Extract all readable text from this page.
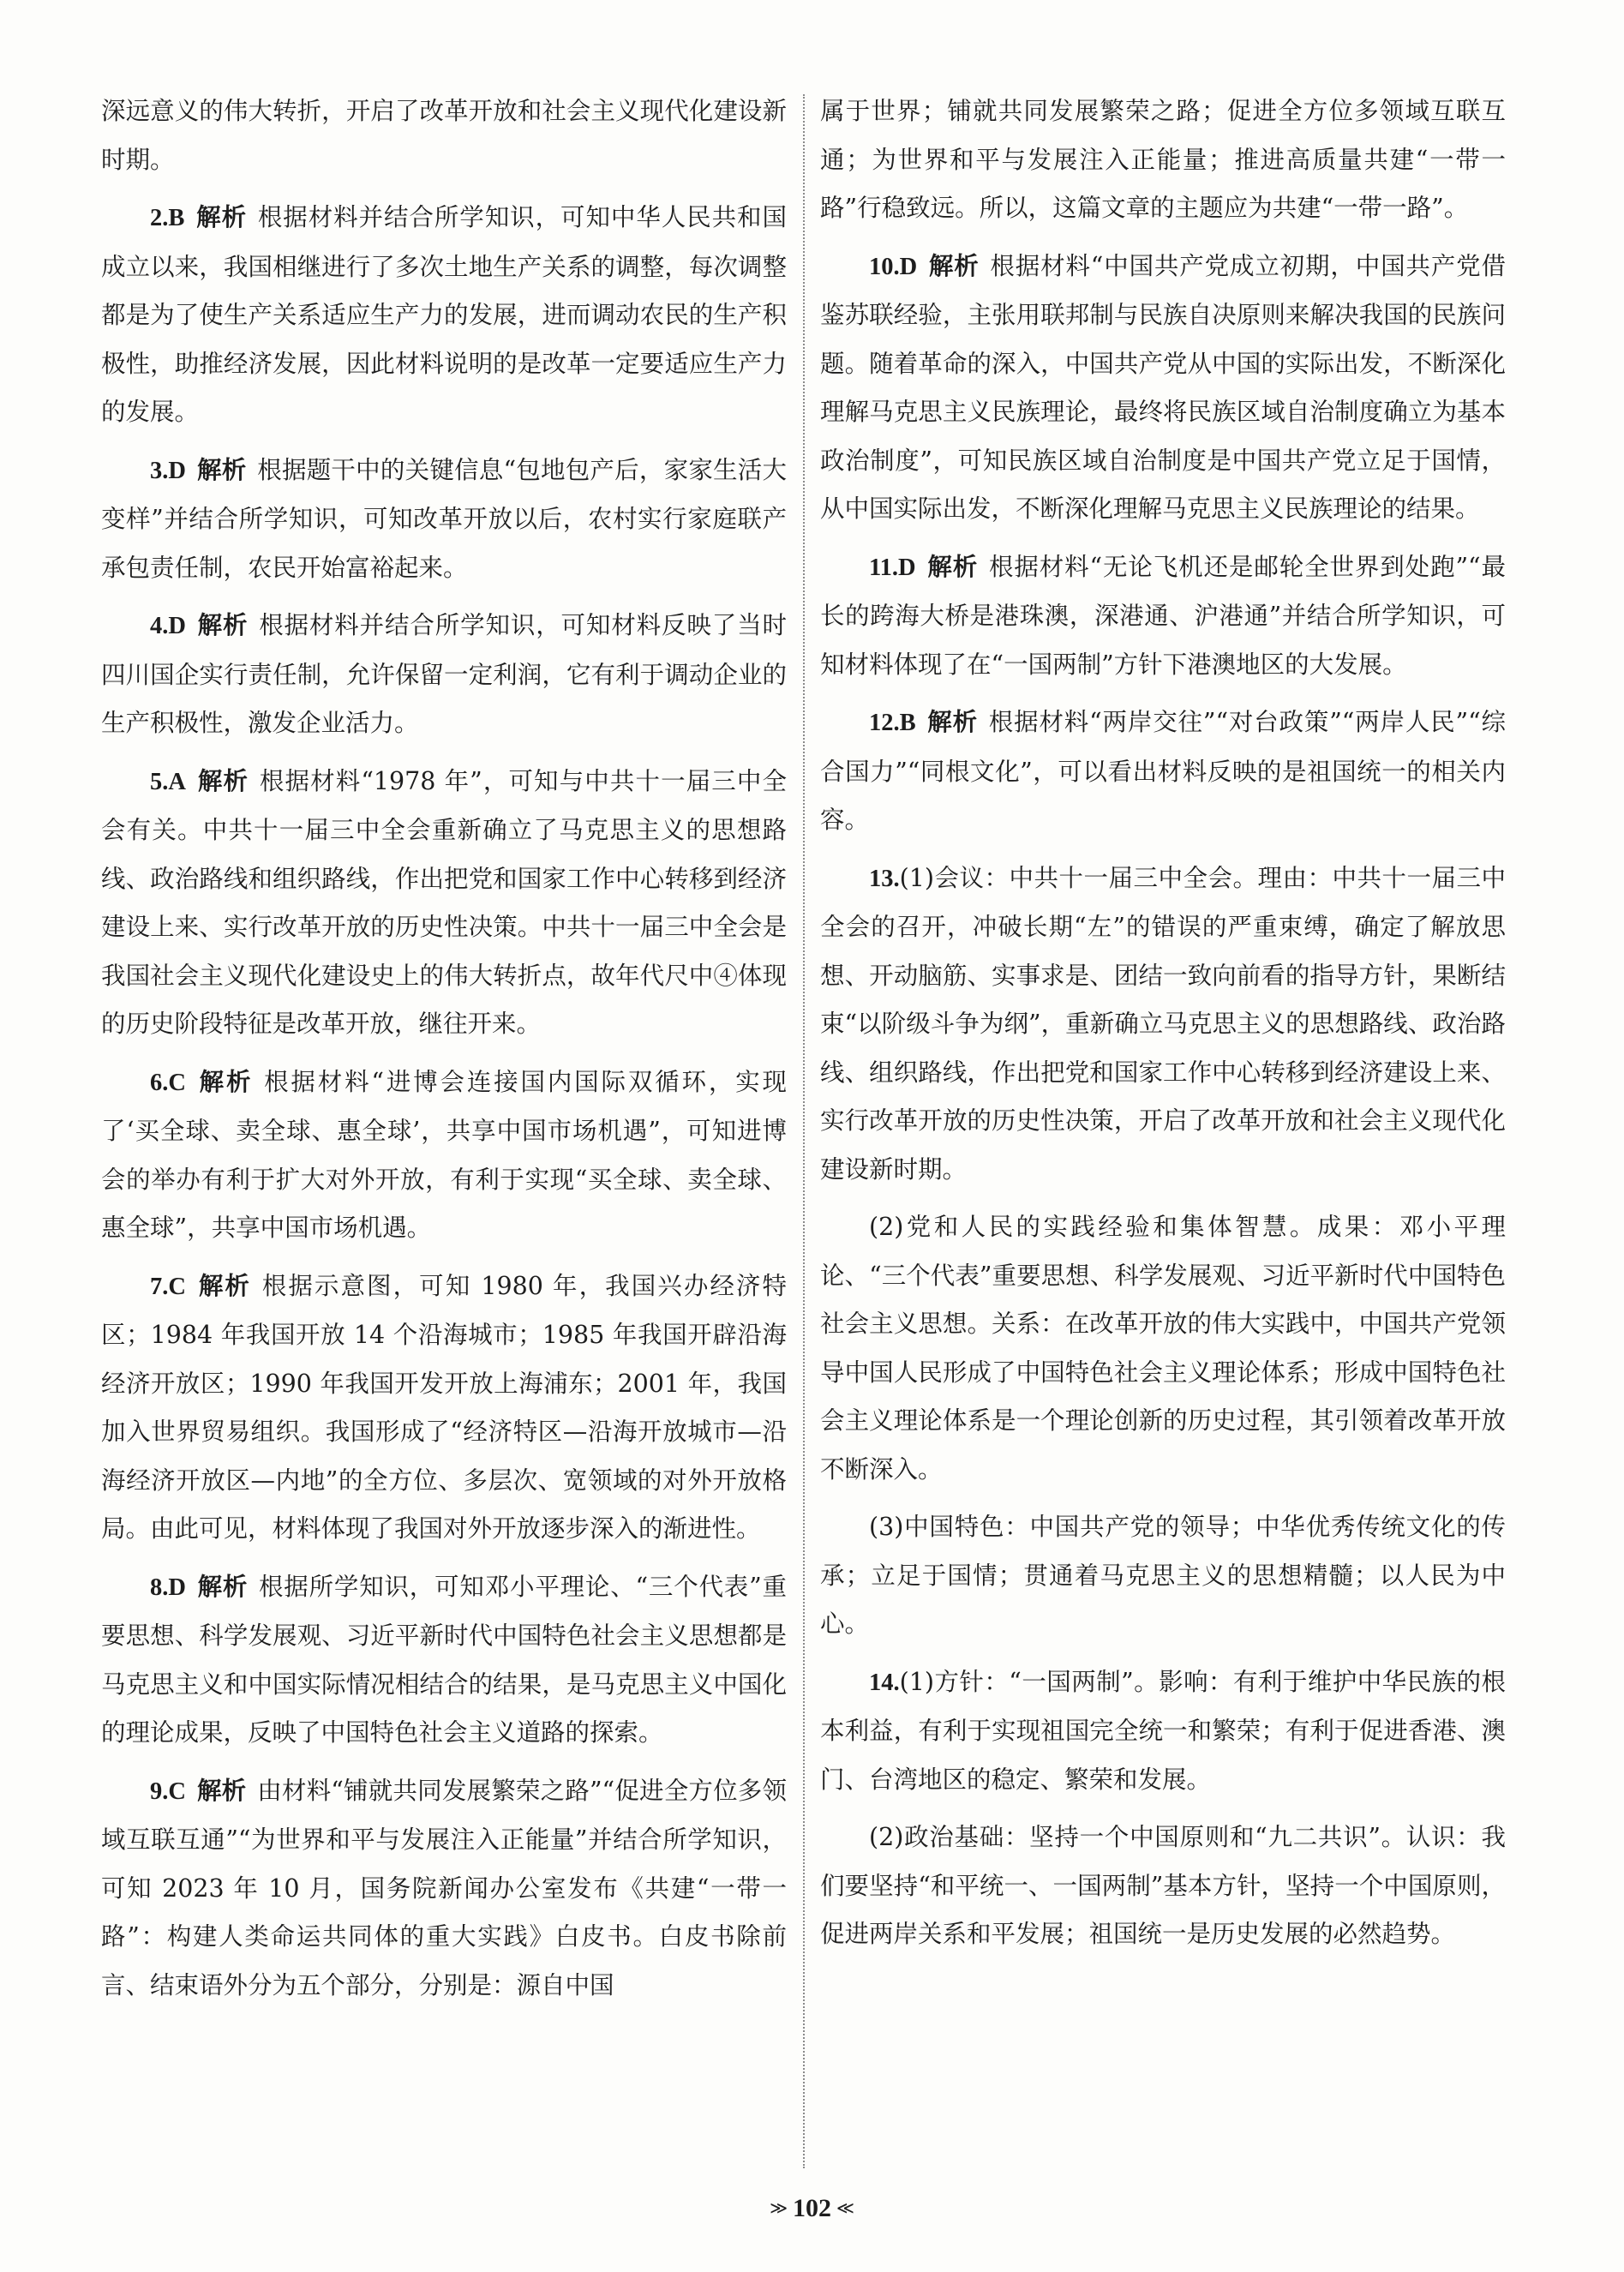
深远意义的伟大转折，开启了改革开放和社会主义现代化建设新时期。

2.B 解析 根据材料并结合所学知识，可知中华人民共和国成立以来，我国相继进行了多次土地生产关系的调整，每次调整都是为了使生产关系适应生产力的发展，进而调动农民的生产积极性，助推经济发展，因此材料说明的是改革一定要适应生产力的发展。

3.D 解析 根据题干中的关键信息“包地包产后，家家生活大变样”并结合所学知识，可知改革开放以后，农村实行家庭联产承包责任制，农民开始富裕起来。

4.D 解析 根据材料并结合所学知识，可知材料反映了当时四川国企实行责任制，允许保留一定利润，它有利于调动企业的生产积极性，激发企业活力。

5.A 解析 根据材料“1978 年”，可知与中共十一届三中全会有关。中共十一届三中全会重新确立了马克思主义的思想路线、政治路线和组织路线，作出把党和国家工作中心转移到经济建设上来、实行改革开放的历史性决策。中共十一届三中全会是我国社会主义现代化建设史上的伟大转折点，故年代尺中④体现的历史阶段特征是改革开放，继往开来。

6.C 解析 根据材料“进博会连接国内国际双循环，实现了‘买全球、卖全球、惠全球’，共享中国市场机遇”，可知进博会的举办有利于扩大对外开放，有利于实现“买全球、卖全球、惠全球”，共享中国市场机遇。

7.C 解析 根据示意图，可知 1980 年，我国兴办经济特区；1984 年我国开放 14 个沿海城市；1985 年我国开辟沿海经济开放区；1990 年我国开发开放上海浦东；2001 年，我国加入世界贸易组织。我国形成了“经济特区—沿海开放城市—沿海经济开放区—内地”的全方位、多层次、宽领域的对外开放格局。由此可见，材料体现了我国对外开放逐步深入的渐进性。

8.D 解析 根据所学知识，可知邓小平理论、“三个代表”重要思想、科学发展观、习近平新时代中国特色社会主义思想都是马克思主义和中国实际情况相结合的结果，是马克思主义中国化的理论成果，反映了中国特色社会主义道路的探索。

9.C 解析 由材料“铺就共同发展繁荣之路”“促进全方位多领域互联互通”“为世界和平与发展注入正能量”并结合所学知识，可知 2023 年 10 月，国务院新闻办公室发布《共建“一带一路”：构建人类命运共同体的重大实践》白皮书。白皮书除前言、结束语外分为五个部分，分别是：源自中国

属于世界；铺就共同发展繁荣之路；促进全方位多领域互联互通；为世界和平与发展注入正能量；推进高质量共建“一带一路”行稳致远。所以，这篇文章的主题应为共建“一带一路”。

10.D 解析 根据材料“中国共产党成立初期，中国共产党借鉴苏联经验，主张用联邦制与民族自决原则来解决我国的民族问题。随着革命的深入，中国共产党从中国的实际出发，不断深化理解马克思主义民族理论，最终将民族区域自治制度确立为基本政治制度”，可知民族区域自治制度是中国共产党立足于国情，从中国实际出发，不断深化理解马克思主义民族理论的结果。

11.D 解析 根据材料“无论飞机还是邮轮全世界到处跑”“最长的跨海大桥是港珠澳，深港通、沪港通”并结合所学知识，可知材料体现了在“一国两制”方针下港澳地区的大发展。

12.B 解析 根据材料“两岸交往”“对台政策”“两岸人民”“综合国力”“同根文化”，可以看出材料反映的是祖国统一的相关内容。

13.(1)会议：中共十一届三中全会。理由：中共十一届三中全会的召开，冲破长期“左”的错误的严重束缚，确定了解放思想、开动脑筋、实事求是、团结一致向前看的指导方针，果断结束“以阶级斗争为纲”，重新确立马克思主义的思想路线、政治路线、组织路线，作出把党和国家工作中心转移到经济建设上来、实行改革开放的历史性决策，开启了改革开放和社会主义现代化建设新时期。

(2)党和人民的实践经验和集体智慧。成果：邓小平理论、“三个代表”重要思想、科学发展观、习近平新时代中国特色社会主义思想。关系：在改革开放的伟大实践中，中国共产党领导中国人民形成了中国特色社会主义理论体系；形成中国特色社会主义理论体系是一个理论创新的历史过程，其引领着改革开放不断深入。

(3)中国特色：中国共产党的领导；中华优秀传统文化的传承；立足于国情；贯通着马克思主义的思想精髓；以人民为中心。

14.(1)方针：“一国两制”。影响：有利于维护中华民族的根本利益，有利于实现祖国完全统一和繁荣；有利于促进香港、澳门、台湾地区的稳定、繁荣和发展。

(2)政治基础：坚持一个中国原则和“九二共识”。认识：我们要坚持“和平统一、一国两制”基本方针，坚持一个中国原则，促进两岸关系和平发展；祖国统一是历史发展的必然趋势。

≫ 102 ≪
